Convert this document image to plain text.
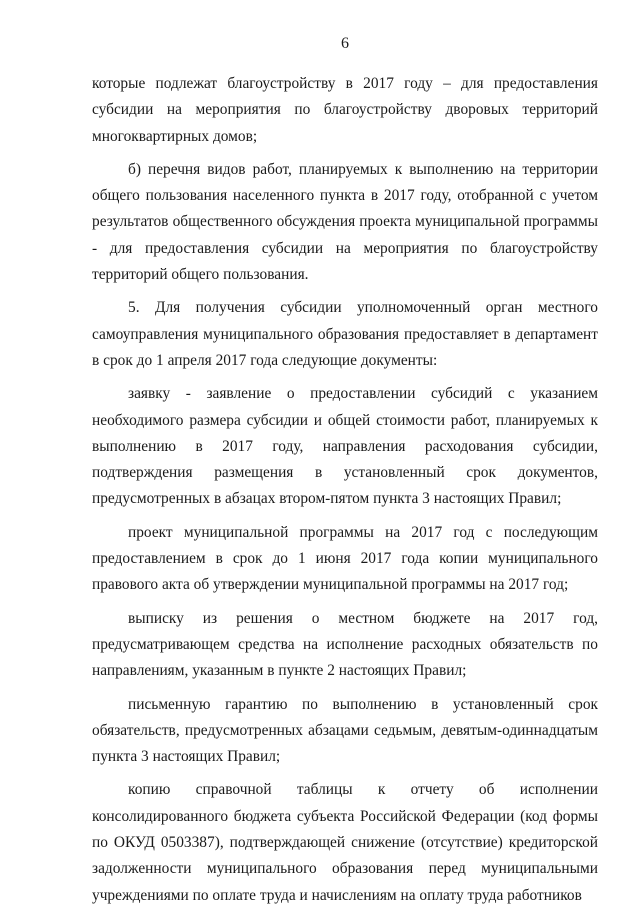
6

которые подлежат благоустройству в 2017 году – для предоставления субсидии на мероприятия по благоустройству дворовых территорий многоквартирных домов;

б) перечня видов работ, планируемых к выполнению на территории общего пользования населенного пункта в 2017 году, отобранной с учетом результатов общественного обсуждения проекта муниципальной программы - для предоставления субсидии на мероприятия по благоустройству территорий общего пользования.

5. Для получения субсидии уполномоченный орган местного самоуправления муниципального образования предоставляет в департамент в срок до 1 апреля 2017 года следующие документы:

заявку - заявление о предоставлении субсидий с указанием необходимого размера субсидии и общей стоимости работ, планируемых к выполнению в 2017 году, направления расходования субсидии, подтверждения размещения в установленный срок документов, предусмотренных в абзацах втором-пятом пункта 3 настоящих Правил;

проект муниципальной программы на 2017 год с последующим предоставлением в срок до 1 июня 2017 года копии муниципального правового акта об утверждении муниципальной программы на 2017 год;

выписку из решения о местном бюджете на 2017 год, предусматривающем средства на исполнение расходных обязательств по направлениям, указанным в пункте 2 настоящих Правил;

письменную гарантию по выполнению в установленный срок обязательств, предусмотренных абзацами седьмым, девятым-одиннадцатым пункта 3 настоящих Правил;

копию справочной таблицы к отчету об исполнении консолидированного бюджета субъекта Российской Федерации (код формы по ОКУД 0503387), подтверждающей снижение (отсутствие) кредиторской задолженности муниципального образования перед муниципальными учреждениями по оплате труда и начислениям на оплату труда работников
